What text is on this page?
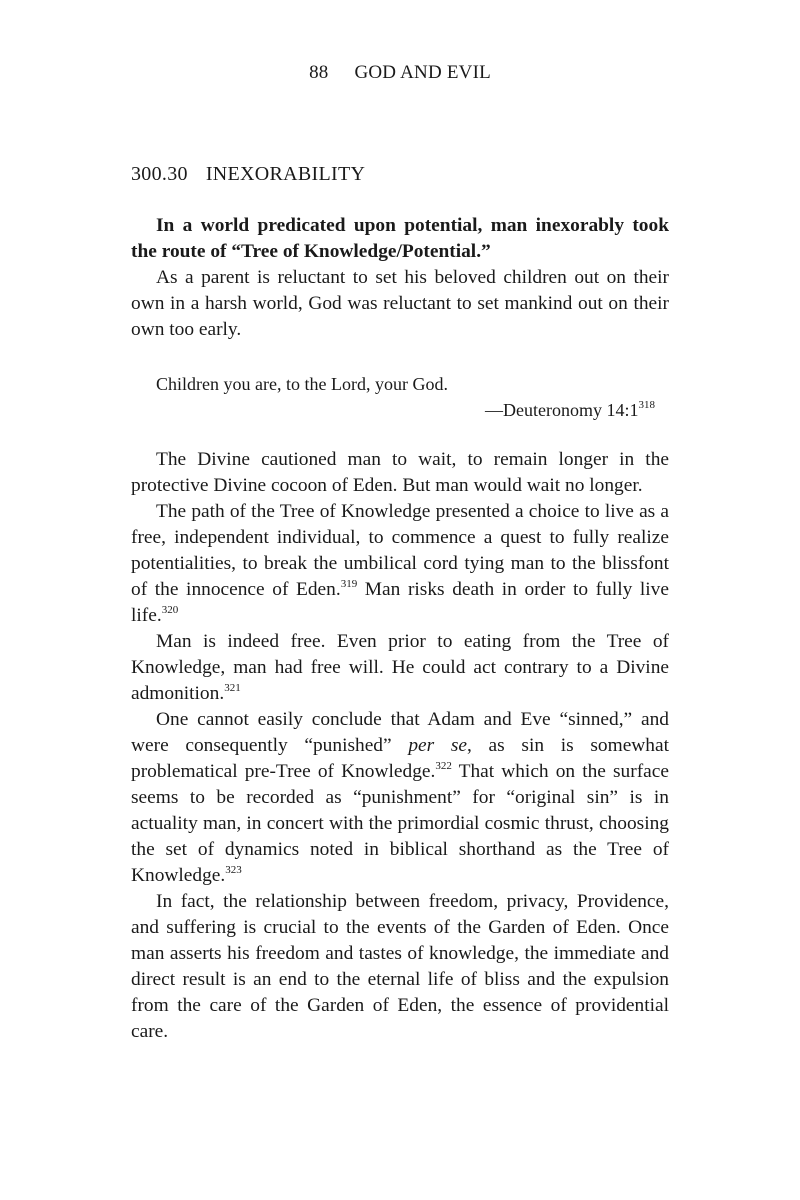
88 GOD AND EVIL
300.30 INEXORABILITY

In a world predicated upon potential, man inexorably took the route of “Tree of Knowledge/Potential.”

As a parent is reluctant to set his beloved children out on their own in a harsh world, God was reluctant to set mankind out on their own too early.

Children you are, to the Lord, your God.
—Deuteronomy $14:1^{318}$

The Divine cautioned man to wait, to remain longer in the protective Divine cocoon of Eden. But man would wait no longer.

The path of the Tree of Knowledge presented a choice to live as a free, independent individual, to commence a quest to fully realize potentialities, to break the umbilical cord tying man to the blissfont of the innocence of Eden.$^{319}$ Man risks death in order to fully live life.$^{320}$

Man is indeed free. Even prior to eating from the Tree of Knowledge, man had free will. He could act contrary to a Divine admonition.$^{321}$

One cannot easily conclude that Adam and Eve “sinned,” and were consequently “punished” per se, as sin is somewhat problematical pre-Tree of Knowledge.$^{322}$ That which on the surface seems to be recorded as “punishment” for “original sin” is in actuality man, in concert with the primordial cosmic thrust, choosing the set of dynamics noted in biblical shorthand as the Tree of Knowledge.$^{323}$

In fact, the relationship between freedom, privacy, Providence, and suffering is crucial to the events of the Garden of Eden. Once man asserts his freedom and tastes of knowledge, the immediate and direct result is an end to the eternal life of bliss and the expulsion from the care of the Garden of Eden, the essence of providential care.
